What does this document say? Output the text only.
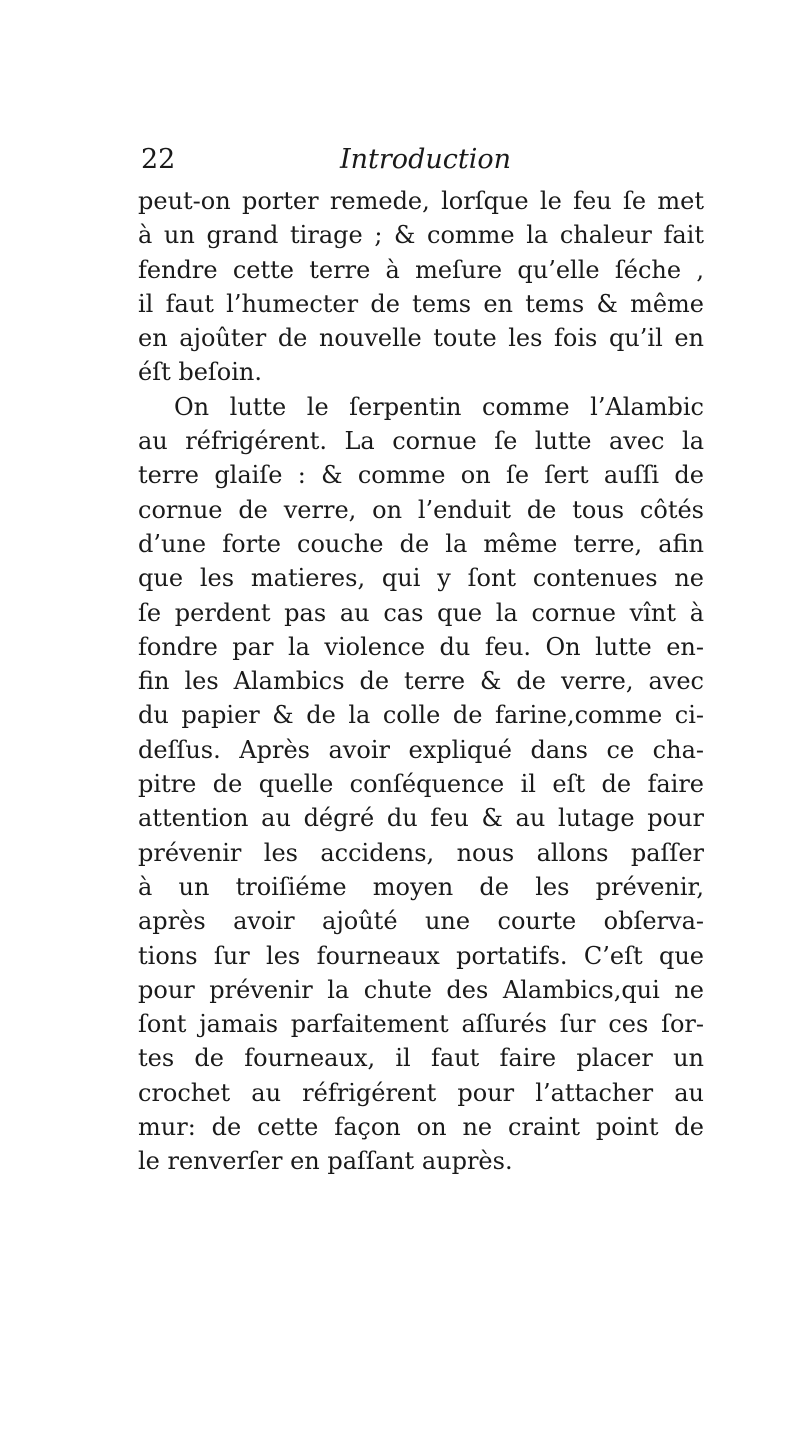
22	Introduction
peut-on porter remede, lorſque le feu ſe met
à un grand tirage ; & comme la chaleur fait
fendre cette terre à meſure qu’elle ſéche ,
il faut l’humecter de tems en tems & même
en ajoûter de nouvelle toute les fois qu’il en
éſt beſoin.
On lutte le ſerpentin comme l’Alambic
au réfrigérent. La cornue ſe lutte avec la
terre glaiſe : & comme on ſe ſert auſſi de
cornue de verre, on l’enduit de tous côtés
d’une forte couche de la même terre, afin
que les matieres, qui y ſont contenues ne
ſe perdent pas au cas que la cornue vînt à
fondre par la violence du feu. On lutte en-
fin les Alambics de terre & de verre, avec
du papier & de la colle de farine,comme ci-
deſſus. Après avoir expliqué dans ce cha-
pitre de quelle conſéquence il eſt de faire
attention au dégré du feu & au lutage pour
prévenir les accidens, nous allons paſſer
à un troiſiéme moyen de les prévenir,
après avoir ajoûté une courte obſerva-
tions ſur les fourneaux portatifs. C’eſt que
pour prévenir la chute des Alambics,qui ne
ſont jamais parfaitement aſſurés ſur ces ſor-
tes de fourneaux, il faut faire placer un
crochet au réfrigérent pour l’attacher au
mur: de cette façon on ne craint point de
le renverſer en paſſant auprès.
